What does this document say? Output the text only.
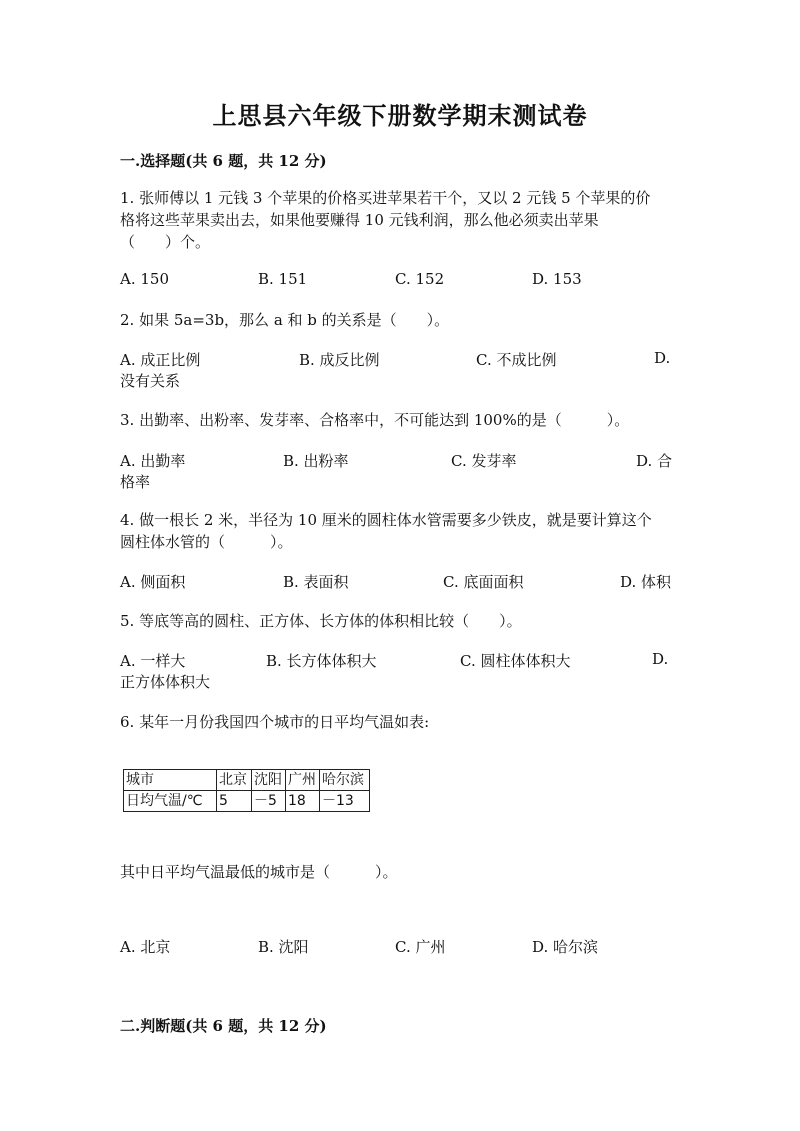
上思县六年级下册数学期末测试卷
一.选择题(共 6 题，共 12 分)
1. 张师傅以 1 元钱 3 个苹果的价格买进苹果若干个，又以 2 元钱 5 个苹果的价
格将这些苹果卖出去，如果他要赚得 10 元钱利润，那么他必须卖出苹果
（　　）个。
A. 150	B. 151	C. 152	D. 153
2. 如果 5a=3b，那么 a 和 b 的关系是（　　）。
A. 成正比例	B. 成反比例	C. 不成比例	D.
没有关系
3. 出勤率、出粉率、发芽率、合格率中，不可能达到 100%的是（　　　）。
A. 出勤率	B. 出粉率	C. 发芽率	D. 合
格率
4. 做一根长 2 米，半径为 10 厘米的圆柱体水管需要多少铁皮，就是要计算这个
圆柱体水管的（　　　）。
A. 侧面积	B. 表面积	C. 底面面积	D. 体积
5. 等底等高的圆柱、正方体、长方体的体积相比较（　　）。
A. 一样大	B. 长方体体积大	C. 圆柱体体积大	D.
正方体体积大
6. 某年一月份我国四个城市的日平均气温如表:
城市	北京	沈阳	广州	哈尔滨
日均气温/℃	5	－5	18	－13
其中日平均气温最低的城市是（　　　）。
A. 北京	B. 沈阳	C. 广州	D. 哈尔滨
二.判断题(共 6 题，共 12 分)
